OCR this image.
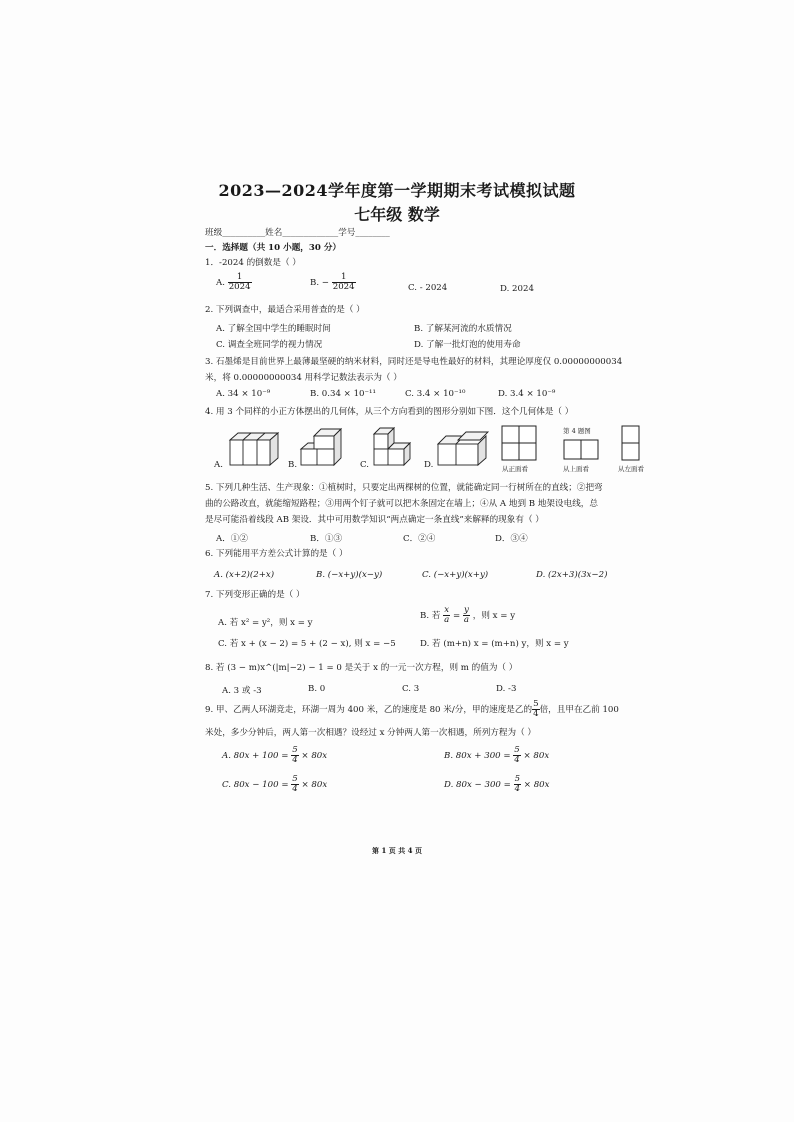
2023—2024学年度第一学期期末考试模拟试题
七年级 数学
班级__________姓名_____________学号________
一．选择题（共 10 小题，30 分）
1．-2024 的倒数是（ ）
A. $\frac{1}{2024}$	B. − $\frac{1}{2024}$	C. - 2024	D. 2024
2. 下列调查中，最适合采用普查的是（ ）
A. 了解全国中学生的睡眠时间	B. 了解某河流的水质情况
C. 调查全班同学的视力情况	D. 了解一批灯泡的使用寿命
3. 石墨烯是目前世界上最薄最坚硬的纳米材料，同时还是导电性最好的材料，其理论厚度仅 0.00000000034
米，将 0.00000000034 用科学记数法表示为（ ）
A. 34 × 10⁻⁹	B. 0.34 × 10⁻¹¹	C. 3.4 × 10⁻¹⁰	D. 3.4 × 10⁻⁹
4. 用 3 个同样的小正方体摆出的几何体，从三个方向看到的图形分别如下图．这个几何体是（ ）
A.	B.	C.	D.
第 4 题图
从正面看	从上面看	从左面看
5. 下列几种生活、生产现象：①植树时，只要定出两棵树的位置，就能确定同一行树所在的直线；②把弯
曲的公路改直，就能缩短路程；③用两个钉子就可以把木条固定在墙上；④从 A 地到 B 地架设电线，总
是尽可能沿着线段 AB 架设．其中可用数学知识“两点确定一条直线”来解释的现象有（ ）
A．①②	B．①③	C．②④	D．③④
6. 下列能用平方差公式计算的是（ ）
A. (x+2)(2+x)	B. (−x+y)(x−y)	C. (−x+y)(x+y)	D. (2x+3)(3x−2)
7. 下列变形正确的是（ ）
A. 若 x² = y²，则 x = y
B. 若 $\frac{x}{a} = \frac{y}{a}$ ，则 x = y
C. 若 x + (x − 2) = 5 + (2 − x), 则 x = −5	D. 若 (m+n) x = (m+n) y，则 x = y
8. 若 (3 − m)x^(|m|−2) − 1 = 0 是关于 x 的一元一次方程，则 m 的值为（ ）
A. 3 或 -3	B. 0	C. 3	D. -3
9. 甲、乙两人环湖竞走，环湖一周为 400 米，乙的速度是 80 米/分，甲的速度是乙的 $\frac{5}{4}$ 倍，且甲在乙前 100
米处，多少分钟后，两人第一次相遇？设经过 x 分钟两人第一次相遇，所列方程为（ ）
A. $80x + 100 = \frac{5}{4} \times 80x$	B. $80x + 300 = \frac{5}{4} \times 80x$
C. $80x - 100 = \frac{5}{4} \times 80x$	D. $80x - 300 = \frac{5}{4} \times 80x$
第 1 页 共 4 页
